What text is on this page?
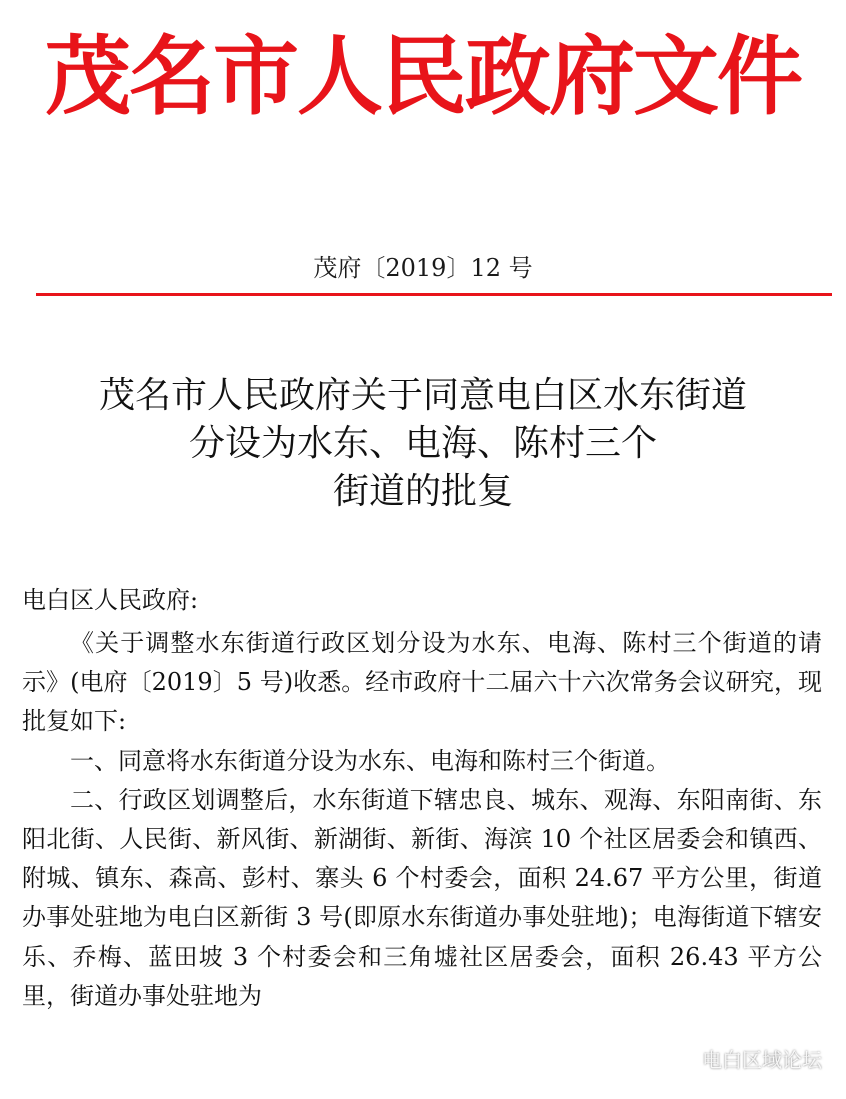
茂名市人民政府文件
茂府〔2019〕12 号
茂名市人民政府关于同意电白区水东街道
分设为水东、电海、陈村三个
街道的批复
电白区人民政府:

《关于调整水东街道行政区划分设为水东、电海、陈村三个街道的请示》(电府〔2019〕5 号)收悉。经市政府十二届六十六次常务会议研究，现批复如下:

一、同意将水东街道分设为水东、电海和陈村三个街道。

二、行政区划调整后，水东街道下辖忠良、城东、观海、东阳南街、东阳北街、人民街、新风街、新湖街、新街、海滨 10 个社区居委会和镇西、附城、镇东、森高、彭村、寨头 6 个村委会，面积 24.67 平方公里，街道办事处驻地为电白区新街 3 号(即原水东街道办事处驻地)；电海街道下辖安乐、乔梅、蓝田坡 3 个村委会和三角墟社区居委会，面积 26.43 平方公里，街道办事处驻地为

电白区域论坛
